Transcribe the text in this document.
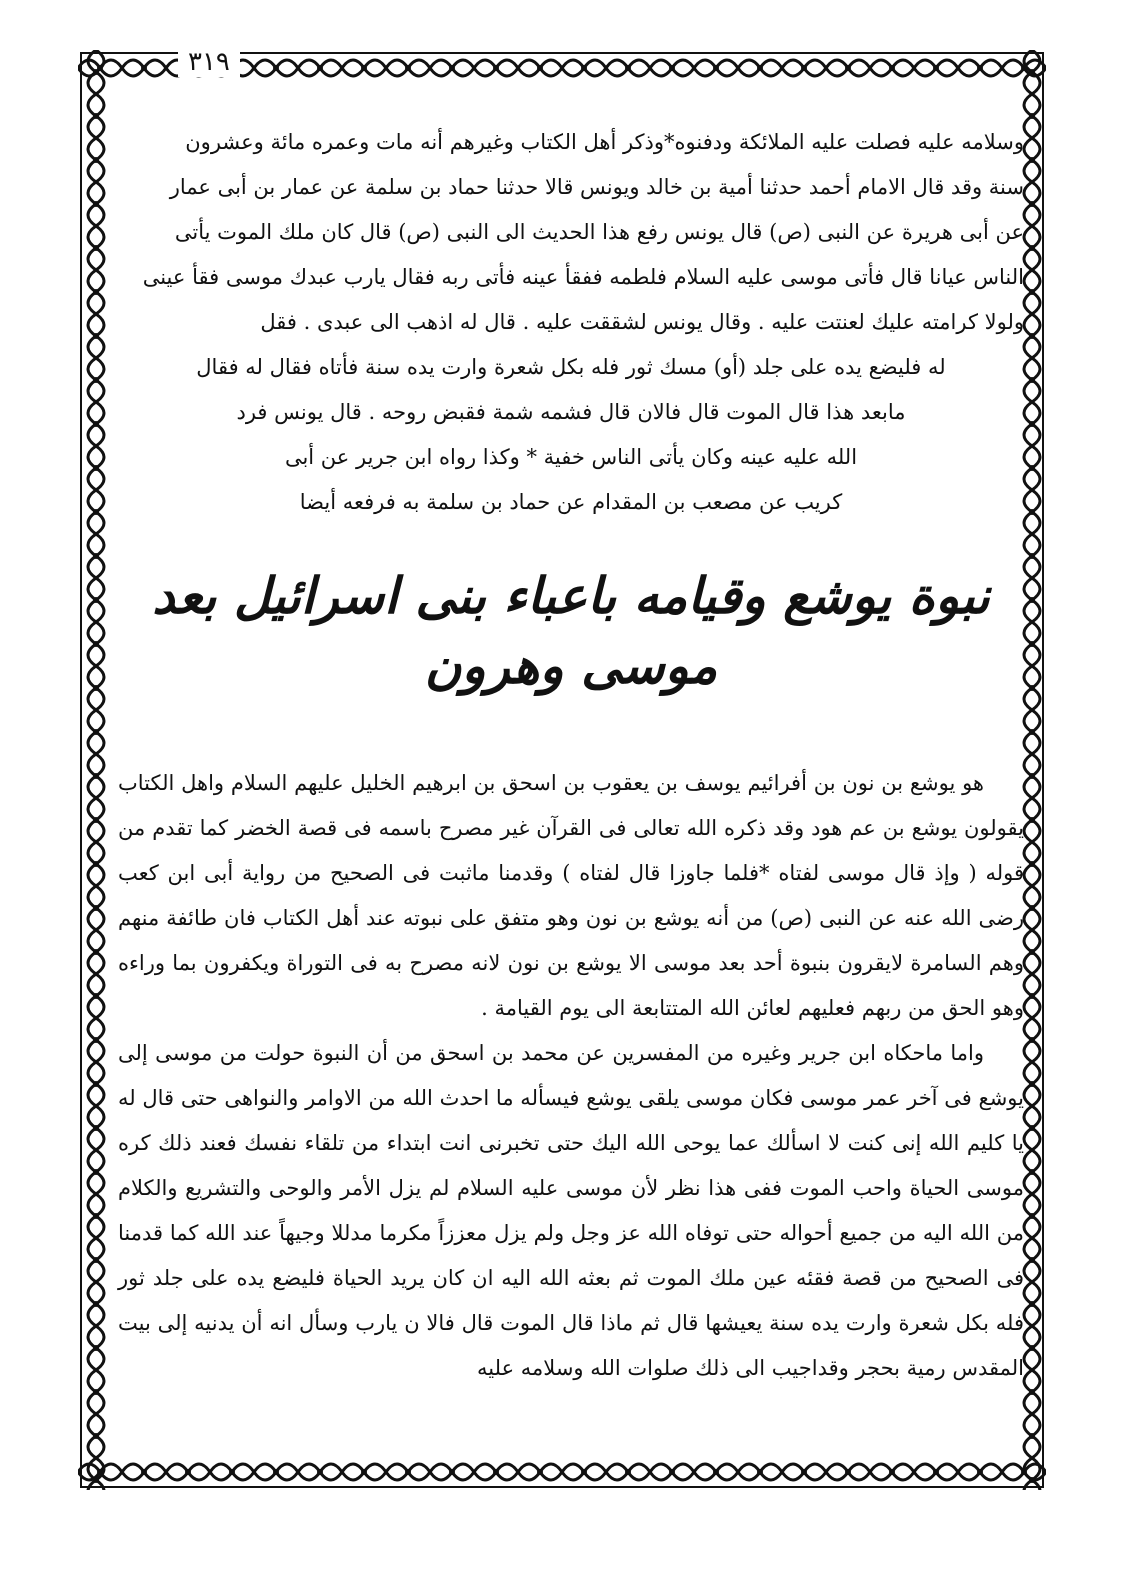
٣١٩

وسلامه عليه فصلت عليه الملائكة ودفنوه*وذكر أهل الكتاب وغيرهم أنه مات وعمره مائة وعشرون

سنة وقد قال الامام أحمد حدثنا أمية بن خالد ويونس قالا حدثنا حماد بن سلمة عن عمار بن أبى عمار

عن أبى هريرة عن النبى (ص) قال يونس رفع هذا الحديث الى النبى (ص) قال كان ملك الموت يأتى

الناس عيانا قال فأتى موسى عليه السلام فلطمه ففقأ عينه فأتى ربه فقال يارب عبدك موسى فقأ عينى

ولولا كرامته عليك لعنتت عليه . وقال يونس لشققت عليه . قال له اذهب الى عبدى . فقل

له فليضع يده على جلد (أو) مسك ثور فله بكل شعرة وارت يده سنة فأتاه فقال له فقال

مابعد هذا قال الموت قال فالان قال فشمه شمة فقبض روحه . قال يونس فرد

الله عليه عينه وكان يأتى الناس خفية * وكذا رواه ابن جرير عن أبى

كريب عن مصعب بن المقدام عن حماد بن سلمة به فرفعه أيضا

نبوة يوشع وقيامه باعباء بنى اسرائيل بعد موسى وهرون

هو يوشع بن نون بن أفرائيم يوسف بن يعقوب بن اسحق بن ابرهيم الخليل عليهم السلام واهل الكتاب يقولون يوشع بن عم هود وقد ذكره الله تعالى فى القرآن غير مصرح باسمه فى قصة الخضر كما تقدم من قوله ( وإذ قال موسى لفتاه *فلما جاوزا قال لفتاه ) وقدمنا ماثبت فى الصحيح من رواية أبى ابن كعب رضى الله عنه عن النبى (ص) من أنه يوشع بن نون وهو متفق على نبوته عند أهل الكتاب فان طائفة منهم وهم السامرة لايقرون بنبوة أحد بعد موسى الا يوشع بن نون لانه مصرح به فى التوراة ويكفرون بما وراءه وهو الحق من ربهم فعليهم لعائن الله المتتابعة الى يوم القيامة .

واما ماحكاه ابن جرير وغيره من المفسرين عن محمد بن اسحق من أن النبوة حولت من موسى إلى يوشع فى آخر عمر موسى فكان موسى يلقى يوشع فيسأله ما احدث الله من الاوامر والنواهى حتى قال له يا كليم الله إنى كنت لا اسألك عما يوحى الله اليك حتى تخبرنى انت ابتداء من تلقاء نفسك فعند ذلك كره موسى الحياة واحب الموت ففى هذا نظر لأن موسى عليه السلام لم يزل الأمر والوحى والتشريع والكلام من الله اليه من جميع أحواله حتى توفاه الله عز وجل ولم يزل معززاً مكرما مدللا وجيهاً عند الله كما قدمنا فى الصحيح من قصة فقئه عين ملك الموت ثم بعثه الله اليه ان كان يريد الحياة فليضع يده على جلد ثور فله بكل شعرة وارت يده سنة يعيشها قال ثم ماذا قال الموت قال فالا ن يارب وسأل انه أن يدنيه إلى بيت المقدس رمية بحجر وقداجيب الى ذلك صلوات الله وسلامه عليه
